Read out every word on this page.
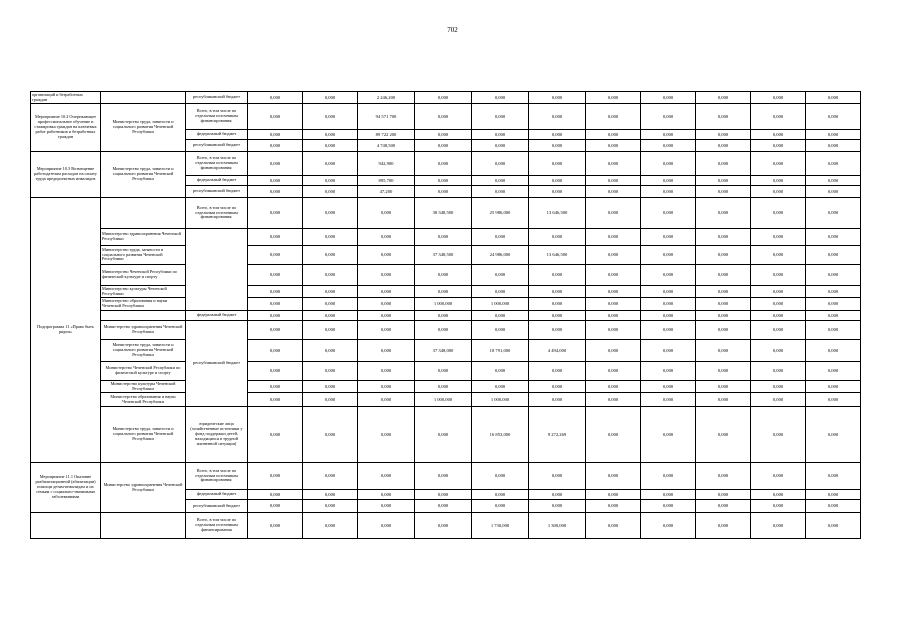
702
организаций и безработных граждан		республиканский бюджет	0,000	0,000	2 246,200	0,000	0,000	0,000	0,000	0,000	0,000	0,000	0,000
Мероприятие 10.2 Опережающее профессиональное обучение и стажировка граждан на ключевых работ работников и безработных граждан	Министерство труда, занятости и социального развития Чеченской Республики	Всего, в том числе по отдельным источникам финансирования:	0,000	0,000	94 571 700	0,000	0,000	0,000	0,000	0,000	0,000	0,000	0,000
		федеральный бюджет	0,000	0,000	89 722 200	0,000	0,000	0,000	0,000	0,000	0,000	0,000	0,000
		республиканский бюджет	0,000	0,000	4 748,500	0,000	0,000	0,000	0,000	0,000	0,000	0,000	0,000
Мероприятие 10.3 Возмещение работодателям расходов на оплату труда предпроектных инвалидов	Министерство труда, занятости и социального развития Чеченской Республики	Всего, в том числе по отдельным источникам финансирования:	0,000	0,000	942,900	0,000	0,000	0,000	0,000	0,000	0,000	0,000	0,000
		федеральный бюджет	0,000	0,000	895,700	0,000	0,000	0,000	0,000	0,000	0,000	0,000	0,000
		республиканский бюджет	0,000	0,000	47,200	0,000	0,000	0,000	0,000	0,000	0,000	0,000	0,000
Подпрограмма 11 «Право быть рядом»		Всего, в том числе по отдельным источникам финансирования:	0,000	0,000	0,000	38 348,500	25 986,000	13 646,500	0,000	0,000	0,000	0,000	0,000
	Министерство здравоохранения Чеченской Республики		0,000	0,000	0,000	0,000	0,000	0,000	0,000	0,000	0,000	0,000	0,000
	Министерство труда, занятости и социального развития Чеченской Республики		0,000	0,000	0,000	37 348,500	24 986,000	13 646,500	0,000	0,000	0,000	0,000	0,000
	Министерство Чеченской Республики по физической культуре и спорту		0,000	0,000	0,000	0,000	0,000	0,000	0,000	0,000	0,000	0,000	0,000
	Министерство культуры Чеченской Республики		0,000	0,000	0,000	0,000	0,000	0,000	0,000	0,000	0,000	0,000	0,000
	Министерство образования и науки Чеченской Республики		0,000	0,000	0,000	1 000,000	1 000,000	0,000	0,000	0,000	0,000	0,000	0,000
		федеральный бюджет	0,000	0,000	0,000	0,000	0,000	0,000	0,000	0,000	0,000	0,000	0,000
	Министерство здравоохранения Чеченской Республики	республиканский бюджет	0,000	0,000	0,000	0,000	0,000	0,000	0,000	0,000	0,000	0,000	0,000
	Министерство труда, занятости и социального развития Чеченской Республики		0,000	0,000	0,000	37 348,000	18 791,000	4 494,000	0,000	0,000	0,000	0,000	0,000
	Министерство Чеченской Республики по физической культуре и спорту		0,000	0,000	0,000	0,000	0,000	0,000	0,000	0,000	0,000	0,000	0,000
	Министерство культуры Чеченской Республики		0,000	0,000	0,000	0,000	0,000	0,000	0,000	0,000	0,000	0,000	0,000
	Министерство образования и науки Чеченской Республики		0,000	0,000	0,000	1 000,000	1 000,000	0,000	0,000	0,000	0,000	0,000	0,000
	Министерство труда, занятости и социального развития Чеченской Республики	юридические лица (хозяйственные источники у фонд поддержки детей, находящихся в трудной жизненной ситуации)	0,000	0,000	0,000	0,000	16 853,000	9 272,269	0,000	0,000	0,000	0,000	0,000
Мероприятие 11.1 Оказание реабилитационной (абилитации) помощи детям-инвалидам и их семьям с социально-значимыми заболеваниями	Министерство здравоохранения Чеченской Республики	Всего, в том числе по отдельным источникам финансирования:	0,000	0,000	0,000	0,000	0,000	0,000	0,000	0,000	0,000	0,000	0,000
		федеральный бюджет	0,000	0,000	0,000	0,000	0,000	0,000	0,000	0,000	0,000	0,000	0,000
		республиканский бюджет	0,000	0,000	0,000	0,000	0,000	0,000	0,000	0,000	0,000	0,000	0,000
		Всего, в том числе по отдельным источникам финансирования	0,000	0,000	0,000	0,000	1 730,000	1 300,000	0,000	0,000	0,000	0,000	0,000
